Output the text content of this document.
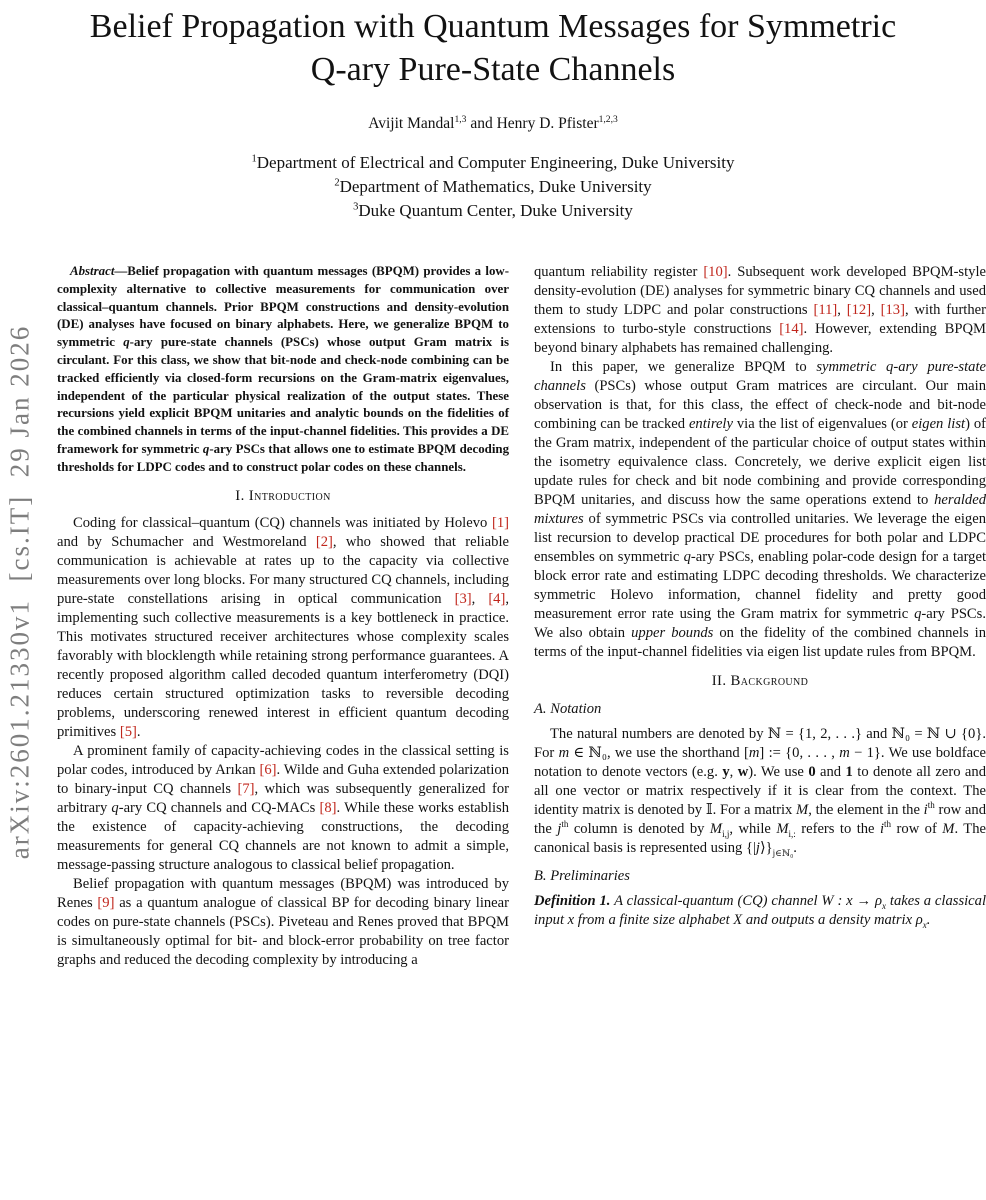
arXiv:2601.21330v1  [cs.IT]  29 Jan 2026
Belief Propagation with Quantum Messages for Symmetric Q-ary Pure-State Channels
Avijit Mandal$^{1,3}$ and Henry D. Pfister$^{1,2,3}$
$^1$Department of Electrical and Computer Engineering, Duke University
$^2$Department of Mathematics, Duke University
$^3$Duke Quantum Center, Duke University

Abstract—Belief propagation with quantum messages (BPQM) provides a low-complexity alternative to collective measurements for communication over classical–quantum channels. Prior BPQM constructions and density-evolution (DE) analyses have focused on binary alphabets. Here, we generalize BPQM to symmetric q-ary pure-state channels (PSCs) whose output Gram matrix is circulant. For this class, we show that bit-node and check-node combining can be tracked efficiently via closed-form recursions on the Gram-matrix eigenvalues, independent of the particular physical realization of the output states. These recursions yield explicit BPQM unitaries and analytic bounds on the fidelities of the combined channels in terms of the input-channel fidelities. This provides a DE framework for symmetric q-ary PSCs that allows one to estimate BPQM decoding thresholds for LDPC codes and to construct polar codes on these channels.

I. Introduction

Coding for classical–quantum (CQ) channels was initiated by Holevo [1] and by Schumacher and Westmoreland [2], who showed that reliable communication is achievable at rates up to the capacity via collective measurements over long blocks. For many structured CQ channels, including pure-state constellations arising in optical communication [3], [4], implementing such collective measurements is a key bottleneck in practice. This motivates structured receiver architectures whose complexity scales favorably with blocklength while retaining strong performance guarantees. A recently proposed algorithm called decoded quantum interferometry (DQI) reduces certain structured optimization tasks to reversible decoding problems, underscoring renewed interest in efficient quantum decoding primitives [5].

A prominent family of capacity-achieving codes in the classical setting is polar codes, introduced by Arıkan [6]. Wilde and Guha extended polarization to binary-input CQ channels [7], which was subsequently generalized for arbitrary q-ary CQ channels and CQ-MACs [8]. While these works establish the existence of capacity-achieving constructions, the decoding measurements for general CQ channels are not known to admit a simple, message-passing structure analogous to classical belief propagation.

Belief propagation with quantum messages (BPQM) was introduced by Renes [9] as a quantum analogue of classical BP for decoding binary linear codes on pure-state channels (PSCs). Piveteau and Renes proved that BPQM is simultaneously optimal for bit- and block-error probability on tree factor graphs and reduced the decoding complexity by introducing a

quantum reliability register [10]. Subsequent work developed BPQM-style density-evolution (DE) analyses for symmetric binary CQ channels and used them to study LDPC and polar constructions [11], [12], [13], with further extensions to turbo-style constructions [14]. However, extending BPQM beyond binary alphabets has remained challenging.

In this paper, we generalize BPQM to symmetric q-ary pure-state channels (PSCs) whose output Gram matrices are circulant. Our main observation is that, for this class, the effect of check-node and bit-node combining can be tracked entirely via the list of eigenvalues (or eigen list) of the Gram matrix, independent of the particular choice of output states within the isometry equivalence class. Concretely, we derive explicit eigen list update rules for check and bit node combining and provide corresponding BPQM unitaries, and discuss how the same operations extend to heralded mixtures of symmetric PSCs via controlled unitaries. We leverage the eigen list recursion to develop practical DE procedures for both polar and LDPC ensembles on symmetric q-ary PSCs, enabling polar-code design for a target block error rate and estimating LDPC decoding thresholds. We characterize symmetric Holevo information, channel fidelity and pretty good measurement error rate using the Gram matrix for symmetric q-ary PSCs. We also obtain upper bounds on the fidelity of the combined channels in terms of the input-channel fidelities via eigen list update rules from BPQM.

II. Background
A. Notation

The natural numbers are denoted by ℕ = {1, 2, . . .} and ℕ₀ = ℕ ∪ {0}. For m ∈ ℕ₀, we use the shorthand [m] := {0, . . . , m − 1}. We use boldface notation to denote vectors (e.g. y, w). We use 0 and 1 to denote all zero and all one vector or matrix respectively if it is clear from the context. The identity matrix is denoted by 𝕀. For a matrix M, the element in the $i^{th}$ row and the $j^{th}$ column is denoted by $M_{i,j}$, while $M_{i,:}$ refers to the $i^{th}$ row of M. The canonical basis is represented using $\{|j⟩\}_{j\in ℕ_0}$.

B. Preliminaries

Definition 1. A classical-quantum (CQ) channel W : $x \to \rho_x$ takes a classical input x from a finite size alphabet X and outputs a density matrix $\rho_x$.
